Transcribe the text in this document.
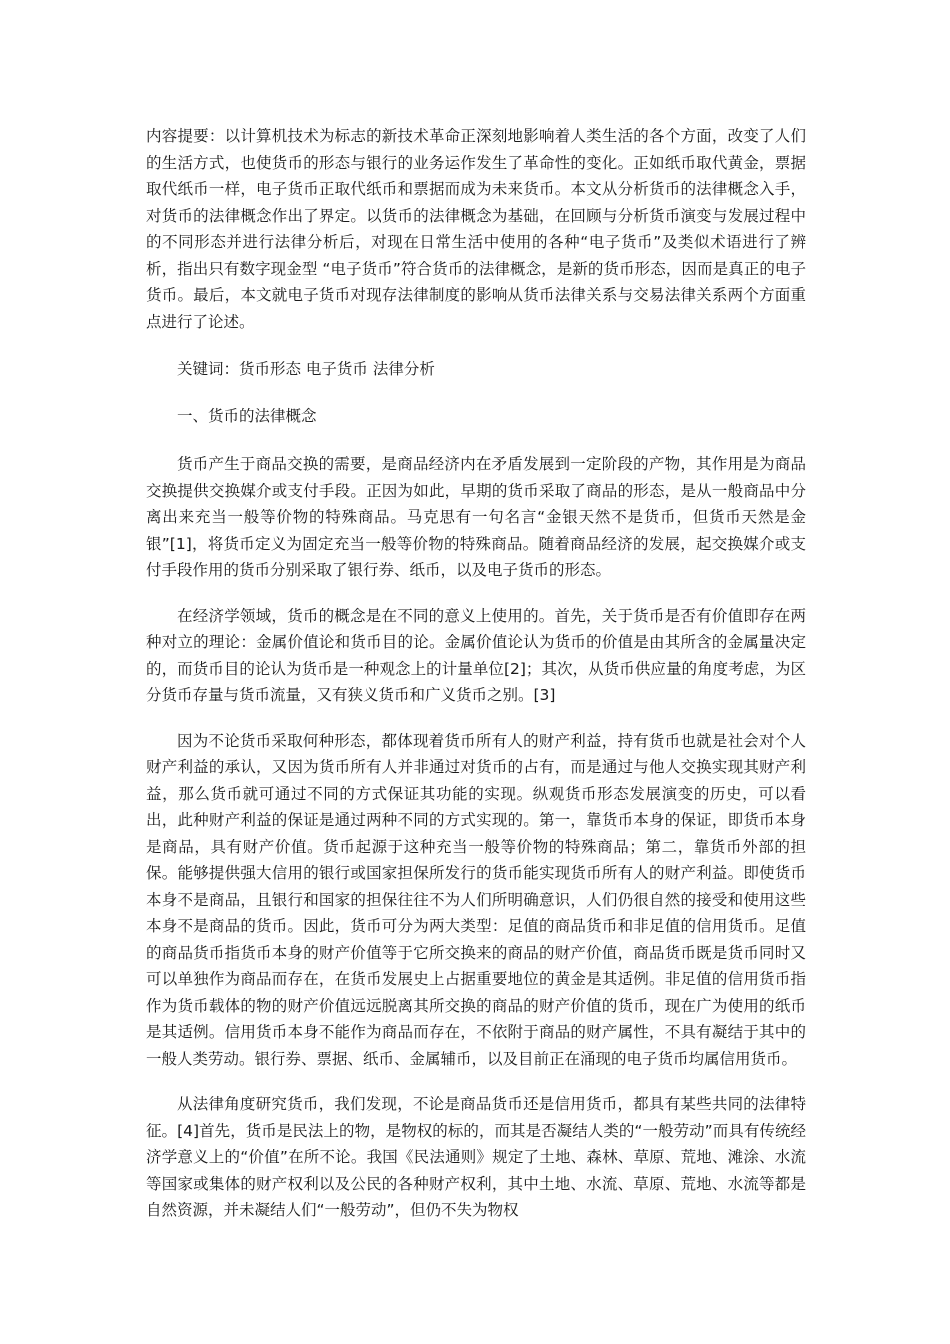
内容提要：以计算机技术为标志的新技术革命正深刻地影响着人类生活的各个方面，改变了人们的生活方式，也使货币的形态与银行的业务运作发生了革命性的变化。正如纸币取代黄金，票据取代纸币一样，电子货币正取代纸币和票据而成为未来货币。本文从分析货币的法律概念入手，对货币的法律概念作出了界定。以货币的法律概念为基础，在回顾与分析货币演变与发展过程中的不同形态并进行法律分析后，对现在日常生活中使用的各种“电子货币”及类似术语进行了辨析，指出只有数字现金型 “电子货币”符合货币的法律概念，是新的货币形态，因而是真正的电子货币。最后，本文就电子货币对现存法律制度的影响从货币法律关系与交易法律关系两个方面重点进行了论述。

关键词：货币形态 电子货币 法律分析

一、货币的法律概念

货币产生于商品交换的需要，是商品经济内在矛盾发展到一定阶段的产物，其作用是为商品交换提供交换媒介或支付手段。正因为如此，早期的货币采取了商品的形态，是从一般商品中分离出来充当一般等价物的特殊商品。马克思有一句名言“金银天然不是货币，但货币天然是金银”[1]，将货币定义为固定充当一般等价物的特殊商品。随着商品经济的发展，起交换媒介或支付手段作用的货币分别采取了银行券、纸币，以及电子货币的形态。

在经济学领域，货币的概念是在不同的意义上使用的。首先，关于货币是否有价值即存在两种对立的理论：金属价值论和货币目的论。金属价值论认为货币的价值是由其所含的金属量决定的，而货币目的论认为货币是一种观念上的计量单位[2]；其次，从货币供应量的角度考虑，为区分货币存量与货币流量，又有狭义货币和广义货币之别。[3]

因为不论货币采取何种形态，都体现着货币所有人的财产利益，持有货币也就是社会对个人财产利益的承认，又因为货币所有人并非通过对货币的占有，而是通过与他人交换实现其财产利益，那么货币就可通过不同的方式保证其功能的实现。纵观货币形态发展演变的历史，可以看出，此种财产利益的保证是通过两种不同的方式实现的。第一，靠货币本身的保证，即货币本身是商品，具有财产价值。货币起源于这种充当一般等价物的特殊商品；第二，靠货币外部的担保。能够提供强大信用的银行或国家担保所发行的货币能实现货币所有人的财产利益。即使货币本身不是商品，且银行和国家的担保往往不为人们所明确意识，人们仍很自然的接受和使用这些本身不是商品的货币。因此，货币可分为两大类型：足值的商品货币和非足值的信用货币。足值的商品货币指货币本身的财产价值等于它所交换来的商品的财产价值，商品货币既是货币同时又可以单独作为商品而存在，在货币发展史上占据重要地位的黄金是其适例。非足值的信用货币指作为货币载体的物的财产价值远远脱离其所交换的商品的财产价值的货币，现在广为使用的纸币是其适例。信用货币本身不能作为商品而存在，不依附于商品的财产属性，不具有凝结于其中的一般人类劳动。银行券、票据、纸币、金属辅币，以及目前正在涌现的电子货币均属信用货币。

从法律角度研究货币，我们发现，不论是商品货币还是信用货币，都具有某些共同的法律特征。[4]首先，货币是民法上的物，是物权的标的，而其是否凝结人类的“一般劳动”而具有传统经济学意义上的“价值”在所不论。我国《民法通则》规定了土地、森林、草原、荒地、滩涂、水流等国家或集体的财产权利以及公民的各种财产权利，其中土地、水流、草原、荒地、水流等都是自然资源，并未凝结人们“一般劳动”，但仍不失为物权
